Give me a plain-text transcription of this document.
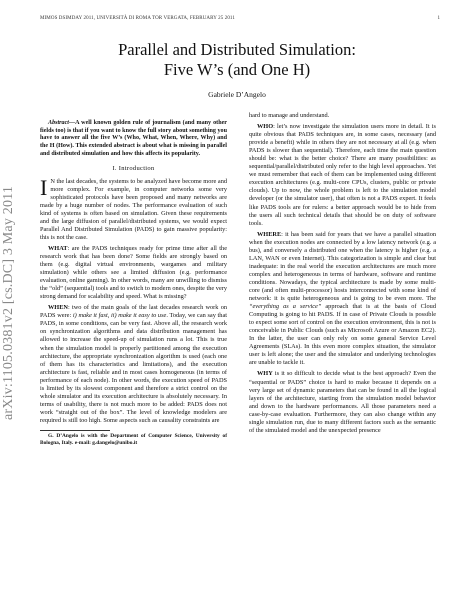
MIMOS DSIMDAY 2011, UNIVERSITÀ DI ROMA TOR VERGATA, FEBRUARY 25 2011	1
Parallel and Distributed Simulation:
Five W’s (and One H)
Gabriele D’Angelo
arXiv:1105.0381v2 [cs.DC] 3 May 2011

Abstract—A well known golden rule of journalism (and many other fields too) is that if you want to know the full story about something you have to answer all the five W’s (Who, What, When, Where, Why) and the H (How). This extended abstract is about what is missing in parallel and distributed simulation and how this affects its popularity.

I. Introduction

I N the last decades, the systems to be analyzed have become more and more complex. For example, in computer networks some very sophisticated protocols have been proposed and many networks are made by a huge number of nodes. The performance evaluation of such kind of systems is often based on simulation. Given these requirements and the large diffusion of parallel/distributed systems, we would expect Parallel And Distributed Simulation (PADS) to gain massive popularity: this is not the case.

WHAT: are the PADS techniques ready for prime time after all the research work that has been done? Some fields are strongly based on them (e.g. digital virtual environments, wargames and military simulation) while others see a limited diffusion (e.g. performance evaluation, online gaming). In other words, many are unwilling to dismiss the “old” (sequential) tools and to switch to modern ones, despite the very strong demand for scalability and speed. What is missing?

WHEN: two of the main goals of the last decades research work on PADS were: i) make it fast, ii) make it easy to use. Today, we can say that PADS, in some conditions, can be very fast. Above all, the research work on synchronization algorithms and data distribution management has allowed to increase the speed-up of simulation runs a lot. This is true when the simulation model is properly partitioned among the execution architecture, the appropriate synchronization algorithm is used (each one of them has its characteristics and limitations), and the execution architecture is fast, reliable and in most cases homogeneous (in terms of performance of each node). In other words, the execution speed of PADS is limited by its slowest component and therefore a strict control on the whole simulator and its execution architecture is absolutely necessary. In terms of usability, there is not much more to be added: PADS does not work “straight out of the box”. The level of knowledge modelers are required is still too high. Some aspects such as causality constraints are

G. D’Angelo is with the Department of Computer Science, University of Bologna, Italy. e-mail: g.dangelo@unibo.it

hard to manage and understand.

WHO: let’s now investigate the simulation users more in detail. It is quite obvious that PADS techniques are, in some cases, necessary (and provide a benefit) while in others they are not necessary at all (e.g. when PADS is slower than sequential). Therefore, each time the main question should be: what is the better choice? There are many possibilities: as sequential/parallel/distributed only refer to the high level approaches. Yet we must remember that each of them can be implemented using different execution architectures (e.g. multi-core CPUs, clusters, public or private clouds). Up to now, the whole problem is left to the simulation model developer (or the simulator user), that often is not a PADS expert. It feels like PADS tools are for rulers: a better approach would be to hide from the users all such technical details that should be on duty of software tools.

WHERE: it has been said for years that we have a parallel situation when the execution nodes are connected by a low latency network (e.g. a bus), and conversely a distributed one when the latency is higher (e.g. a LAN, WAN or even Internet). This categorization is simple and clear but inadequate: in the real world the execution architectures are much more complex and heterogeneous in terms of hardware, software and runtime conditions. Nowadays, the typical architecture is made by some multi-core (and often multi-processor) hosts interconnected with some kind of network: it is quite heterogeneous and is going to be even more. The “everything as a service” approach that is at the basis of Cloud Computing is going to hit PADS. If in case of Private Clouds is possible to expect some sort of control on the execution environment, this is not is conceivable in Public Clouds (such as Microsoft Azure or Amazon EC2). In the latter, the user can only rely on some general Service Level Agreements (SLAs). In this even more complex situation, the simulator user is left alone; the user and the simulator and underlying technologies are unable to tackle it.

WHY is it so difficult to decide what is the best approach? Even the “sequential or PADS” choice is hard to make because it depends on a very large set of dynamic parameters that can be found in all the logical layers of the architecture, starting from the simulation model behavior and down to the hardware performances. All those parameters need a case-by-case evaluation. Furthermore, they can also change within any single simulation run, due to many different factors such as the semantic of the simulated model and the unexpected presence
